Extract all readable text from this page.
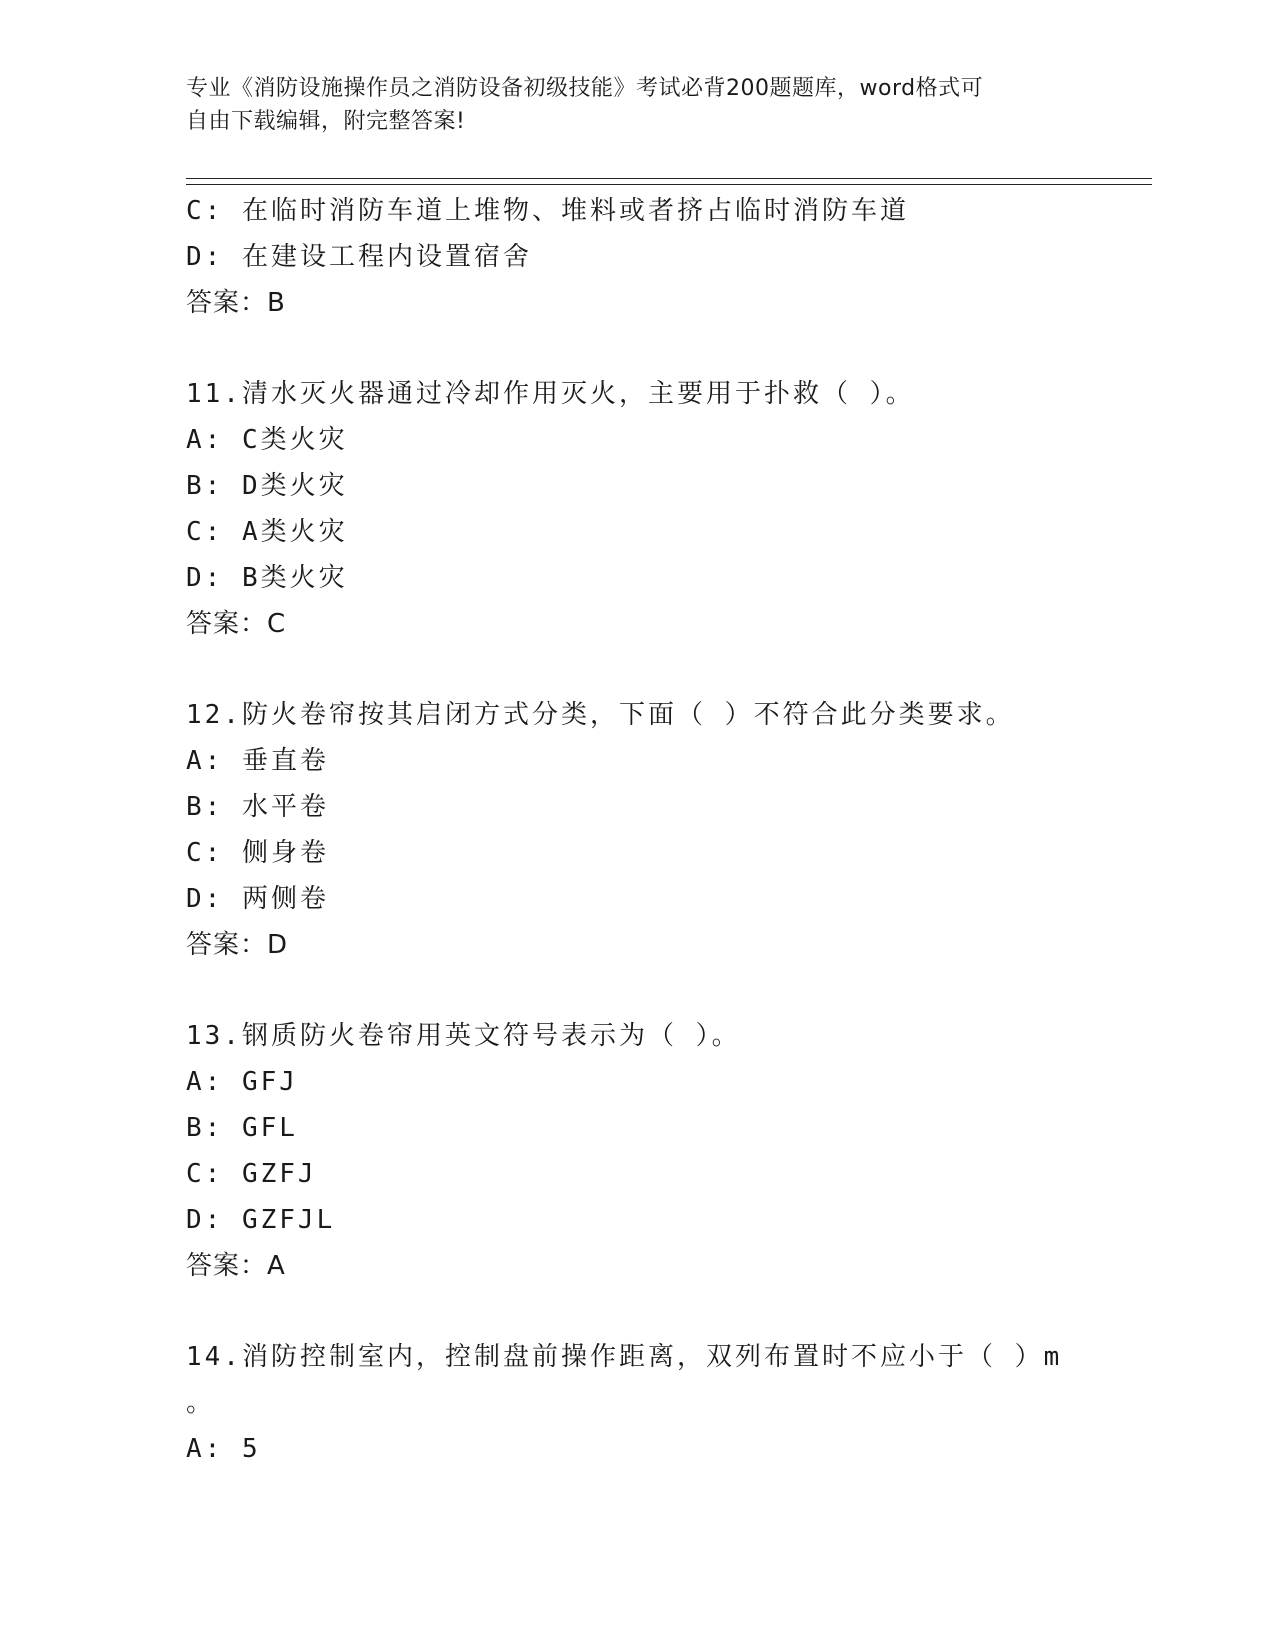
专业《消防设施操作员之消防设备初级技能》考试必背200题题库，word格式可
自由下载编辑，附完整答案!
C: 在临时消防车道上堆物、堆料或者挤占临时消防车道
D: 在建设工程内设置宿舍
答案：B
11.清水灭火器通过冷却作用灭火，主要用于扑救（ ）。
A: C类火灾
B: D类火灾
C: A类火灾
D: B类火灾
答案：C
12.防火卷帘按其启闭方式分类，下面（ ）不符合此分类要求。
A: 垂直卷
B: 水平卷
C: 侧身卷
D: 两侧卷
答案：D
13.钢质防火卷帘用英文符号表示为（ ）。
A: GFJ
B: GFL
C: GZFJ
D: GZFJL
答案：A
14.消防控制室内，控制盘前操作距离，双列布置时不应小于（ ）m
。
A: 5
